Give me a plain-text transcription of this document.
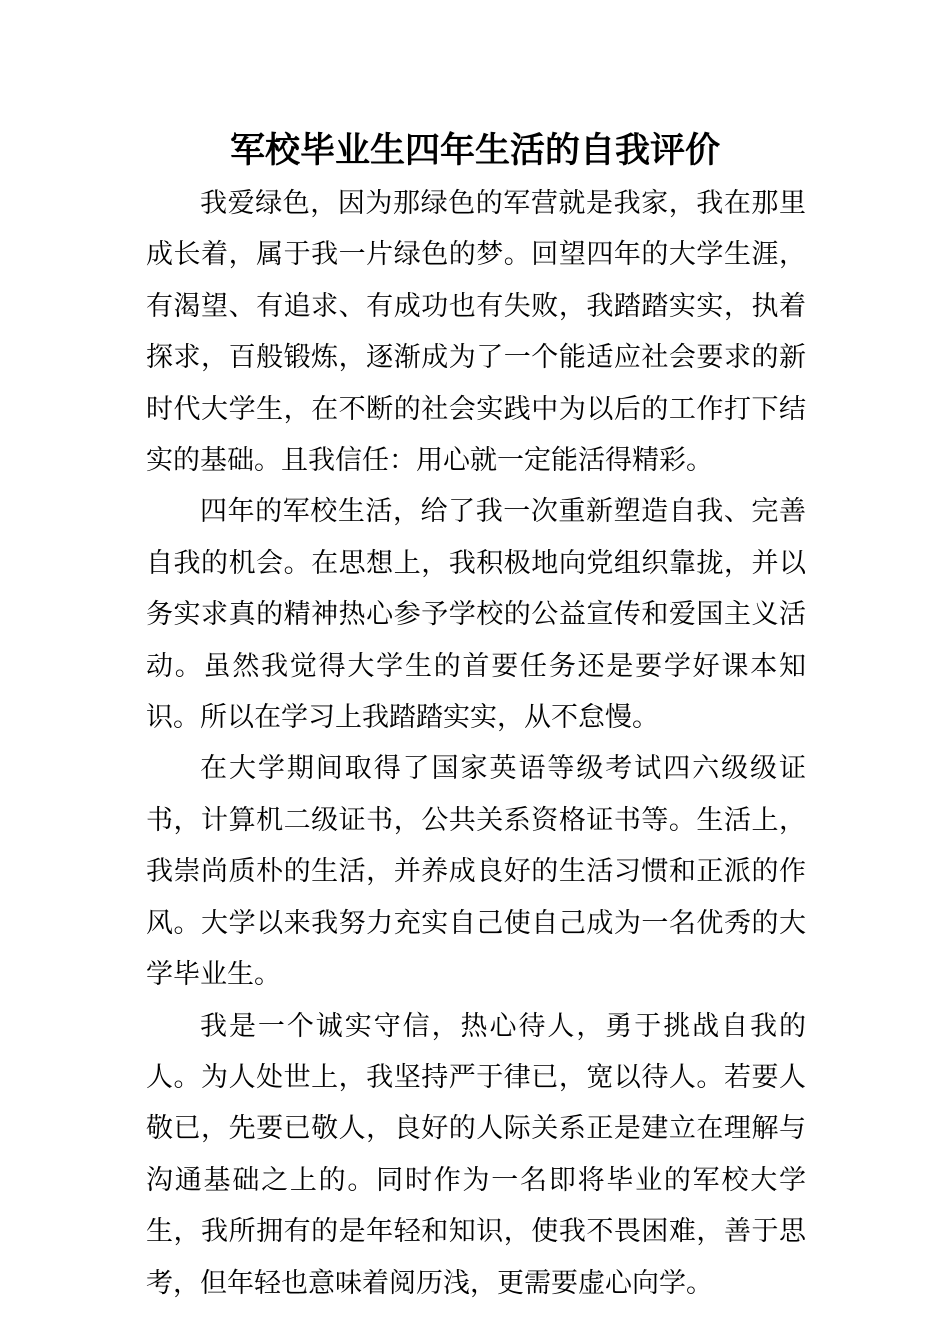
军校毕业生四年生活的自我评价

我爱绿色，因为那绿色的军营就是我家，我在那里成长着，属于我一片绿色的梦。回望四年的大学生涯，有渴望、有追求、有成功也有失败，我踏踏实实，执着探求，百般锻炼，逐渐成为了一个能适应社会要求的新时代大学生，在不断的社会实践中为以后的工作打下结实的基础。且我信任：用心就一定能活得精彩。

四年的军校生活，给了我一次重新塑造自我、完善自我的机会。在思想上，我积极地向党组织靠拢，并以务实求真的精神热心参予学校的公益宣传和爱国主义活动。虽然我觉得大学生的首要任务还是要学好课本知识。所以在学习上我踏踏实实，从不怠慢。

在大学期间取得了国家英语等级考试四六级级证书，计算机二级证书，公共关系资格证书等。生活上，我崇尚质朴的生活，并养成良好的生活习惯和正派的作风。大学以来我努力充实自己使自己成为一名优秀的大学毕业生。

我是一个诚实守信，热心待人，勇于挑战自我的人。为人处世上，我坚持严于律已，宽以待人。若要人敬已，先要已敬人，良好的人际关系正是建立在理解与沟通基础之上的。同时作为一名即将毕业的军校大学生，我所拥有的是年轻和知识，使我不畏困难，善于思考，但年轻也意味着阅历浅，更需要虚心向学。
